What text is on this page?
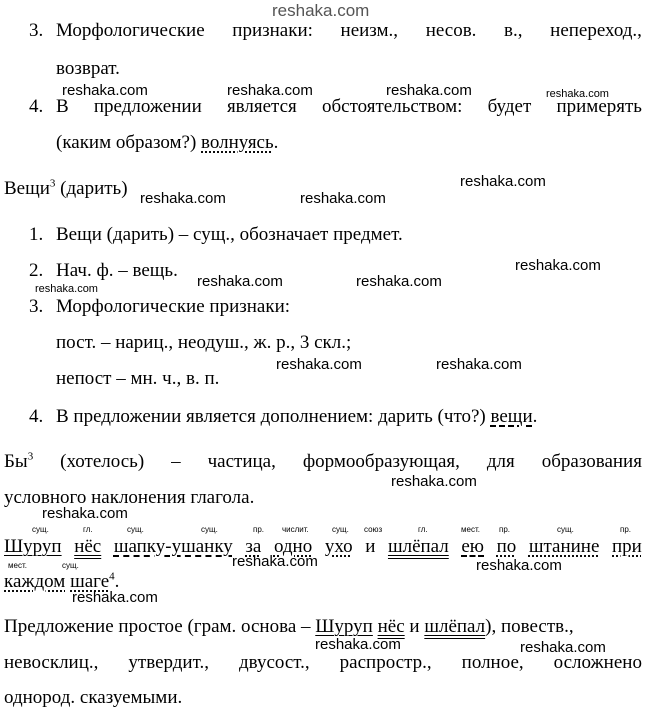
reshaka.com
3. Морфологические признаки: неизм., несов. в., непереход.,
возврат.
reshaka.com	reshaka.com	reshaka.com	reshaka.com
4. В предложении является обстоятельством: будет примерять
(каким образом?) волнуясь.
Вещи$^3$ (дарить) reshaka.com	reshaka.com
reshaka.com
1. Вещи (дарить) – сущ., обозначает предмет.
2. Нач. ф. – вещь.
reshaka.com	reshaka.com	reshaka.com
reshaka.com
3. Морфологические признаки:
пост. – нариц., неодуш., ж. р., 3 скл.;
reshaka.com	reshaka.com
непост – мн. ч., в. п.
4. В предложении является дополнением: дарить (что?) вещи.
$Бы^3$ (хотелось) – частица, формообразующая, для образования
reshaka.com
условного наклонения глагола.
reshaka.com
сущ.	гл.	сущ.	сущ.	пр. числит.	сущ. союз	гл.	мест. пр.	сущ.	пр.
Шуруп нёс шапку-ушанку за одно ухо и шлёпал ею по штанине при
мест.	сущ.	reshaka.com	reshaka.com
каждом шаге$^4$.
reshaka.com
Предложение простое (грам. основа – Шуруп нёс и шлёпал), повеств.,
reshaka.com	reshaka.com
невосклиц., утвердит., двусост., распростр., полное, осложнено
однород. сказуемыми.
